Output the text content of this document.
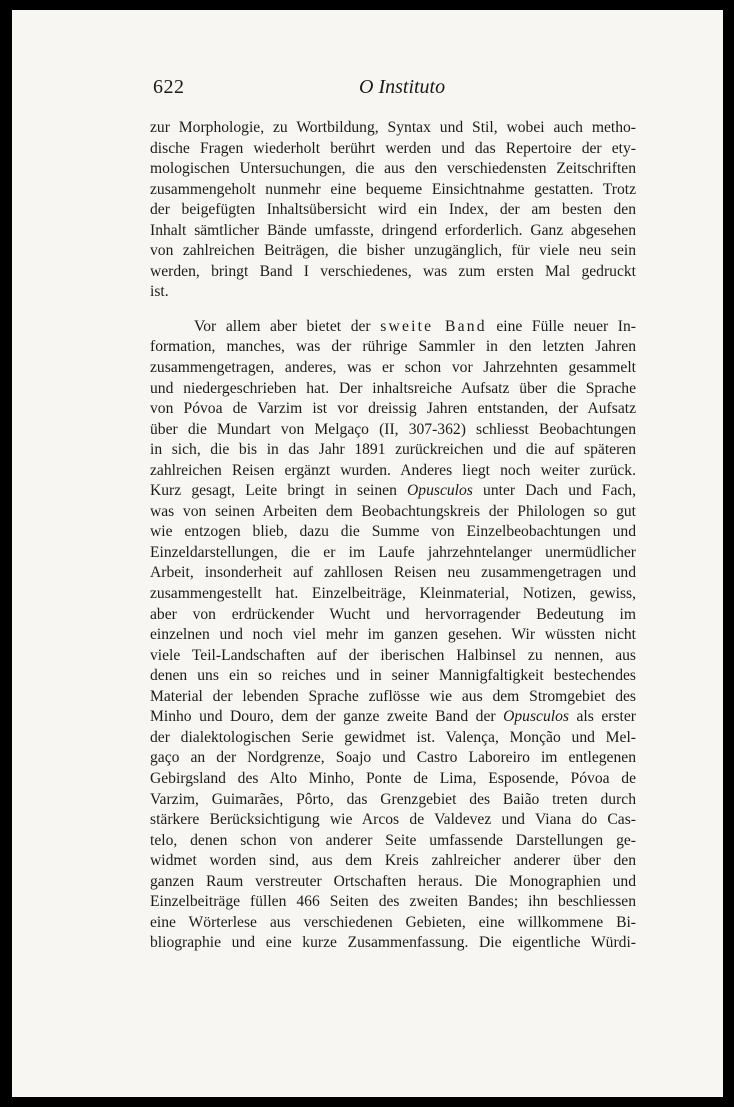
622	O Instituto
zur Morphologie, zu Wortbildung, Syntax und Stil, wobei auch metho-
dische Fragen wiederholt berührt werden und das Repertoire der ety-
mologischen Untersuchungen, die aus den verschiedensten Zeitschriften
zusammengeholt nunmehr eine bequeme Einsichtnahme gestatten. Trotz
der beigefügten Inhaltsübersicht wird ein Index, der am besten den
Inhalt sämtlicher Bände umfasste, dringend erforderlich. Ganz abgesehen
von zahlreichen Beiträgen, die bisher unzugänglich, für viele neu sein
werden, bringt Band I verschiedenes, was zum ersten Mal gedruckt
ist.
Vor allem aber bietet der sweite Band eine Fülle neuer In-
formation, manches, was der rührige Sammler in den letzten Jahren
zusammengetragen, anderes, was er schon vor Jahrzehnten gesammelt
und niedergeschrieben hat. Der inhaltsreiche Aufsatz über die Sprache
von Póvoa de Varzim ist vor dreissig Jahren entstanden, der Aufsatz
über die Mundart von Melgaço (II, 307-362) schliesst Beobachtungen
in sich, die bis in das Jahr 1891 zurückreichen und die auf späteren
zahlreichen Reisen ergänzt wurden. Anderes liegt noch weiter zurück.
Kurz gesagt, Leite bringt in seinen Opusculos unter Dach und Fach,
was von seinen Arbeiten dem Beobachtungskreis der Philologen so gut
wie entzogen blieb, dazu die Summe von Einzelbeobachtungen und
Einzeldarstellungen, die er im Laufe jahrzehntelanger unermüdlicher
Arbeit, insonderheit auf zahllosen Reisen neu zusammengetragen und
zusammengestellt hat. Einzelbeiträge, Kleinmaterial, Notizen, gewiss,
aber von erdrückender Wucht und hervorragender Bedeutung im
einzelnen und noch viel mehr im ganzen gesehen. Wir wüssten nicht
viele Teil-Landschaften auf der iberischen Halbinsel zu nennen, aus
denen uns ein so reiches und in seiner Mannigfaltigkeit bestechendes
Material der lebenden Sprache zuflösse wie aus dem Stromgebiet des
Minho und Douro, dem der ganze zweite Band der Opusculos als erster
der dialektologischen Serie gewidmet ist. Valença, Monção und Mel-
gaço an der Nordgrenze, Soajo und Castro Laboreiro im entlegenen
Gebirgsland des Alto Minho, Ponte de Lima, Esposende, Póvoa de
Varzim, Guimarães, Pôrto, das Grenzgebiet des Baião treten durch
stärkere Berücksichtigung wie Arcos de Valdevez und Viana do Cas-
telo, denen schon von anderer Seite umfassende Darstellungen ge-
widmet worden sind, aus dem Kreis zahlreicher anderer über den
ganzen Raum verstreuter Ortschaften heraus. Die Monographien und
Einzelbeiträge füllen 466 Seiten des zweiten Bandes; ihn beschliessen
eine Wörterlese aus verschiedenen Gebieten, eine willkommene Bi-
bliographie und eine kurze Zusammenfassung. Die eigentliche Würdi-
